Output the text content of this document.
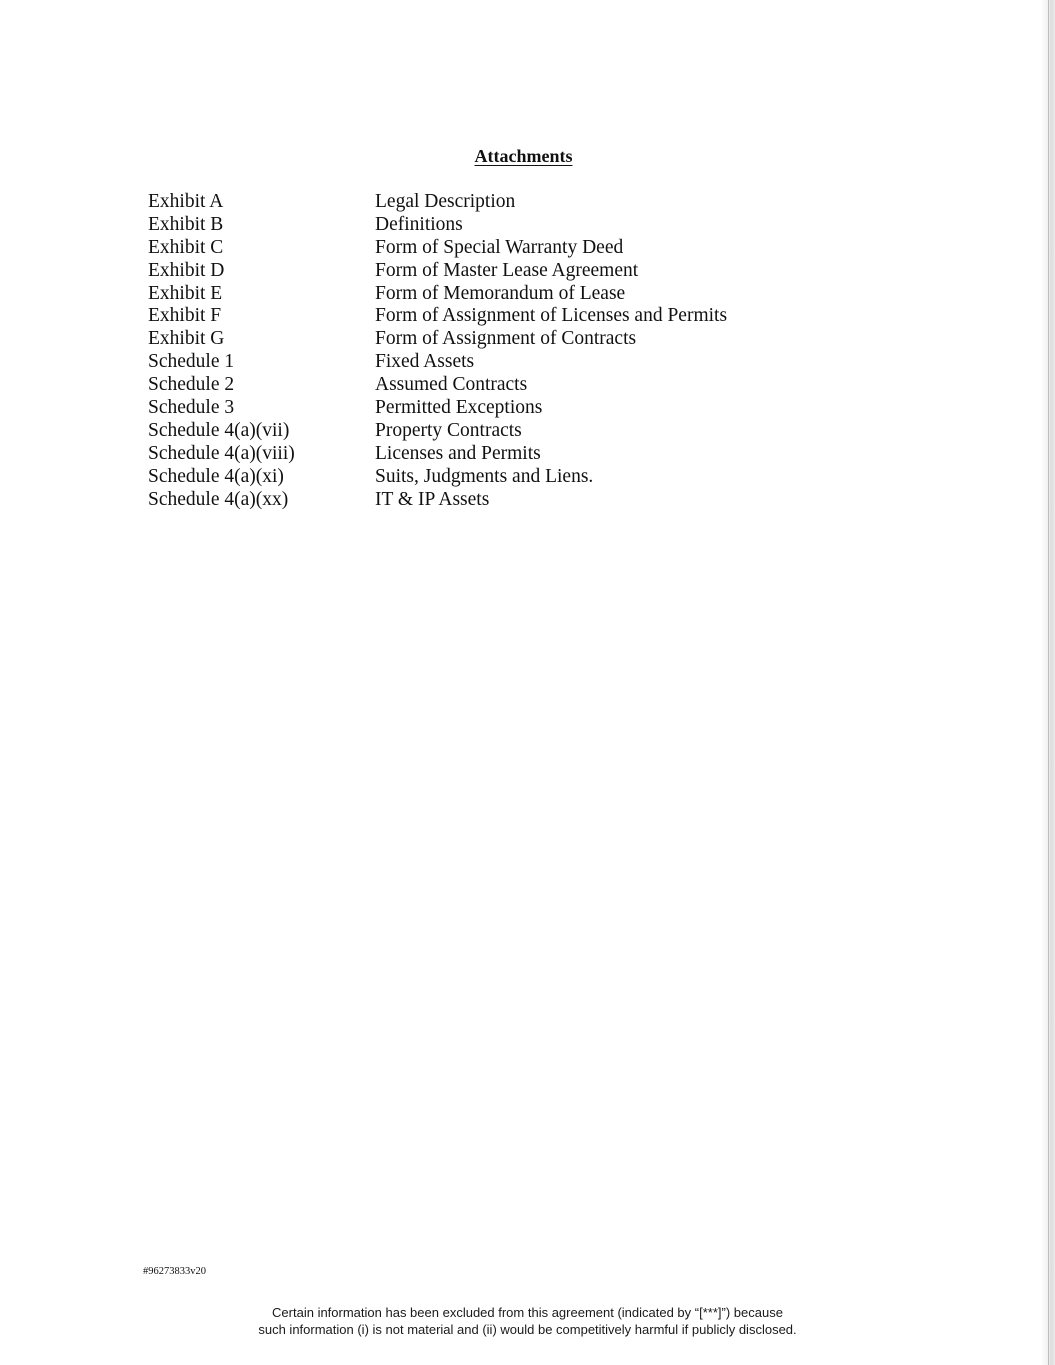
Attachments
Exhibit A	Legal Description
Exhibit B	Definitions
Exhibit C	Form of Special Warranty Deed
Exhibit D	Form of Master Lease Agreement
Exhibit E	Form of Memorandum of Lease
Exhibit F	Form of Assignment of Licenses and Permits
Exhibit G	Form of Assignment of Contracts
Schedule 1	Fixed Assets
Schedule 2	Assumed Contracts
Schedule 3	Permitted Exceptions
Schedule 4(a)(vii)	Property Contracts
Schedule 4(a)(viii)	Licenses and Permits
Schedule 4(a)(xi)	Suits, Judgments and Liens.
Schedule 4(a)(xx)	IT & IP Assets
#96273833v20
Certain information has been excluded from this agreement (indicated by “[***]”) because
such information (i) is not material and (ii) would be competitively harmful if publicly disclosed.
